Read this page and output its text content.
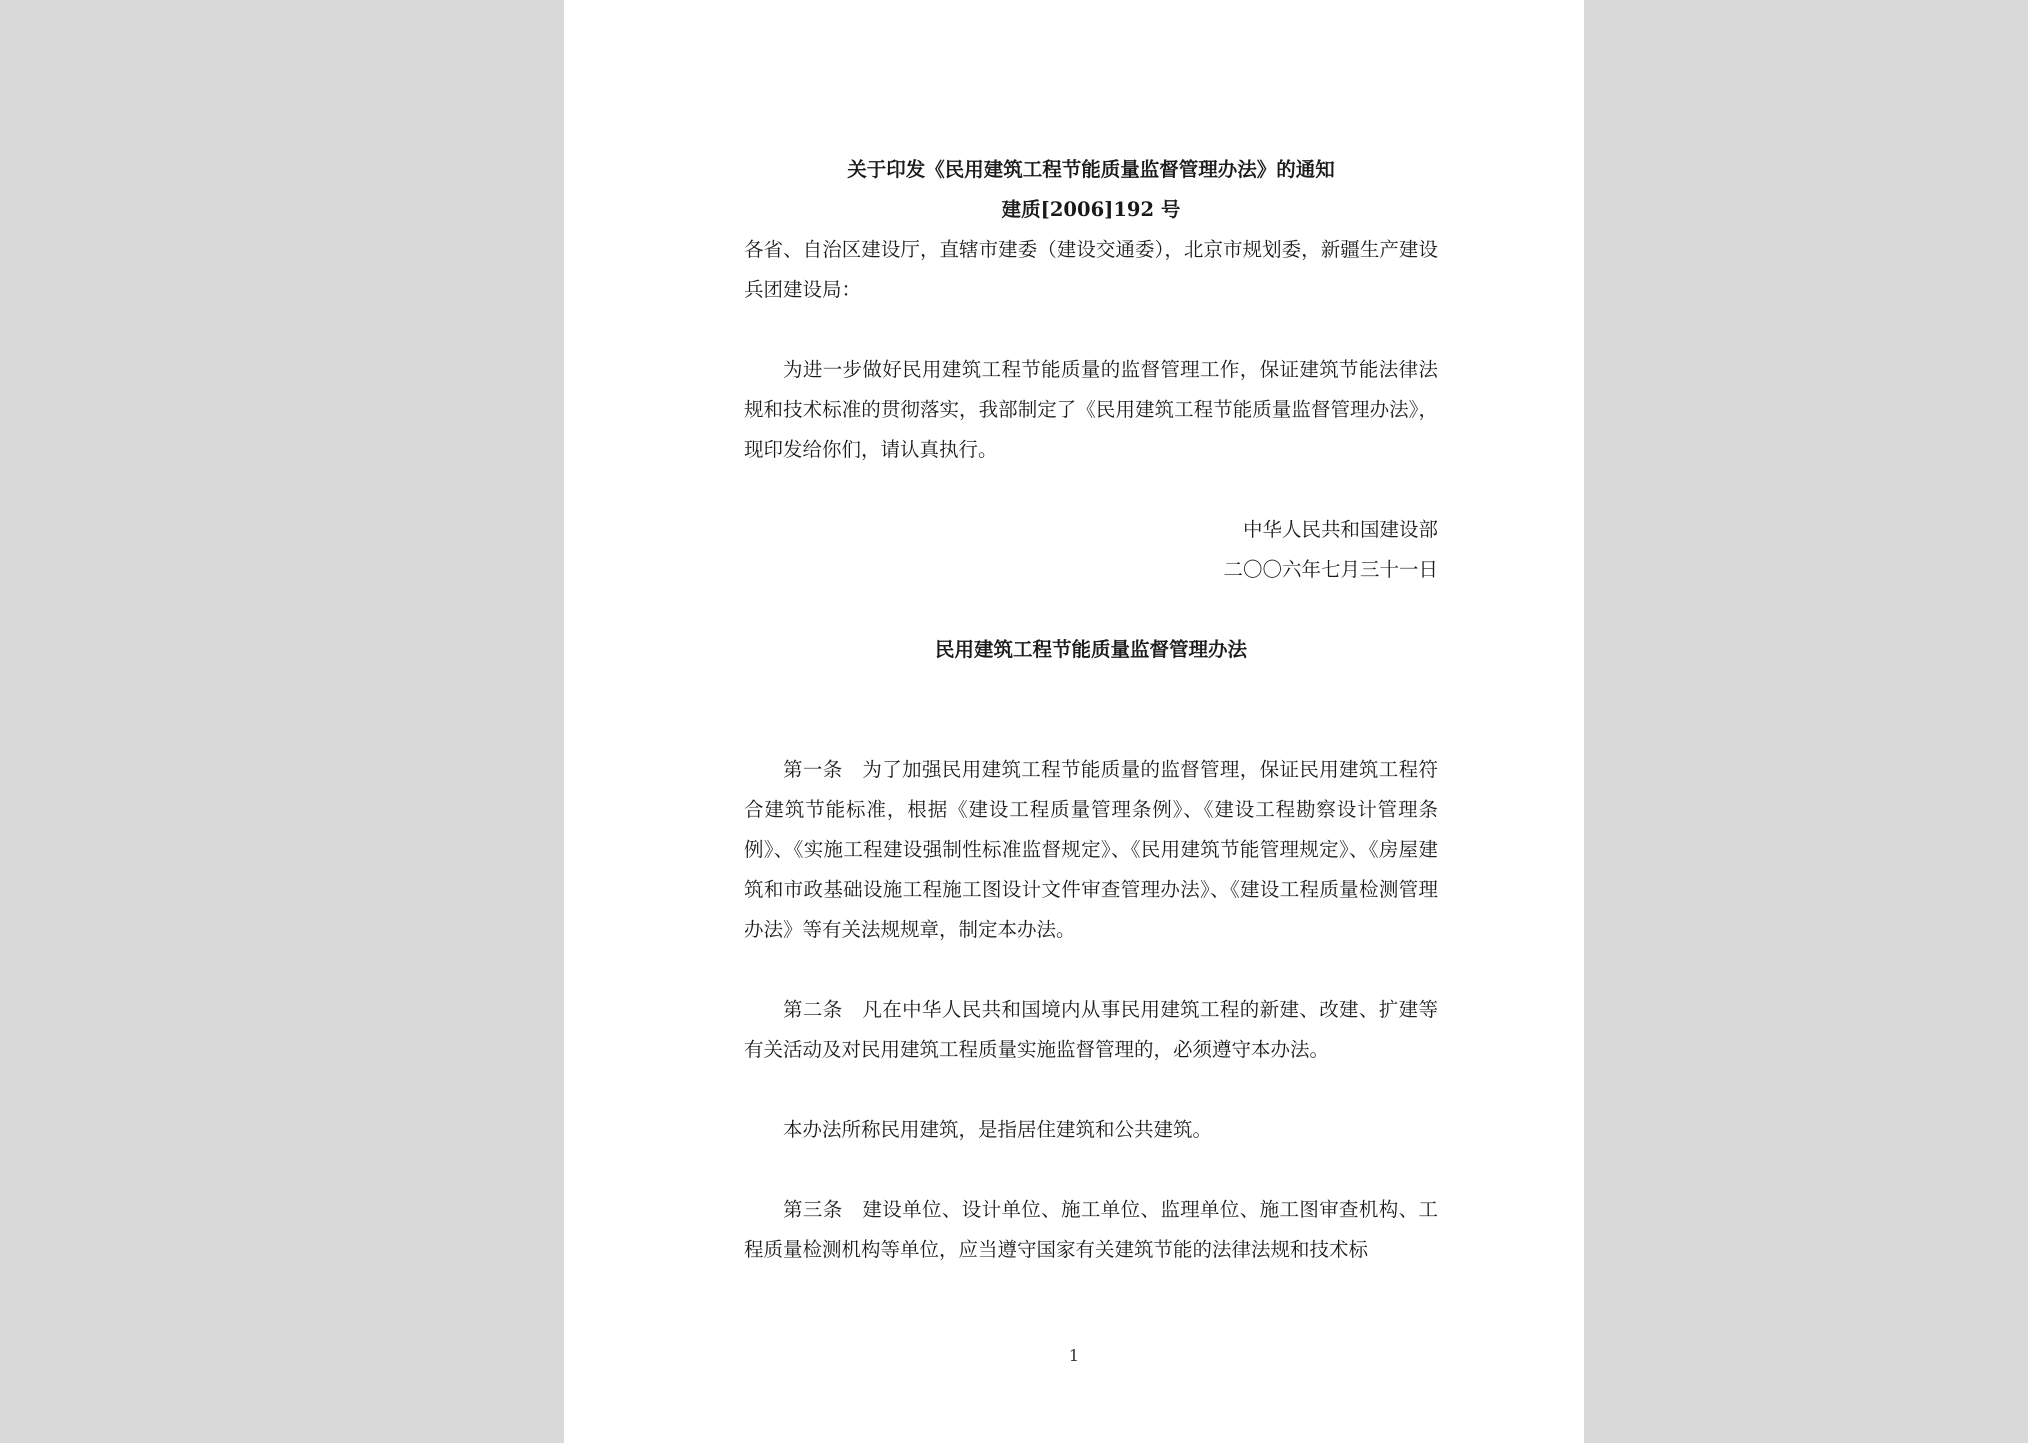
关于印发《民用建筑工程节能质量监督管理办法》的通知

建质[2006]192 号

各省、自治区建设厅，直辖市建委（建设交通委），北京市规划委，新疆生产建设兵团建设局：

为进一步做好民用建筑工程节能质量的监督管理工作，保证建筑节能法律法规和技术标准的贯彻落实，我部制定了《民用建筑工程节能质量监督管理办法》，现印发给你们，请认真执行。

中华人民共和国建设部

二〇〇六年七月三十一日

民用建筑工程节能质量监督管理办法

第一条　为了加强民用建筑工程节能质量的监督管理，保证民用建筑工程符合建筑节能标准，根据《建设工程质量管理条例》、《建设工程勘察设计管理条例》、《实施工程建设强制性标准监督规定》、《民用建筑节能管理规定》、《房屋建筑和市政基础设施工程施工图设计文件审查管理办法》、《建设工程质量检测管理办法》等有关法规规章，制定本办法。

第二条　凡在中华人民共和国境内从事民用建筑工程的新建、改建、扩建等有关活动及对民用建筑工程质量实施监督管理的，必须遵守本办法。

本办法所称民用建筑，是指居住建筑和公共建筑。

第三条　建设单位、设计单位、施工单位、监理单位、施工图审查机构、工程质量检测机构等单位，应当遵守国家有关建筑节能的法律法规和技术标

1
